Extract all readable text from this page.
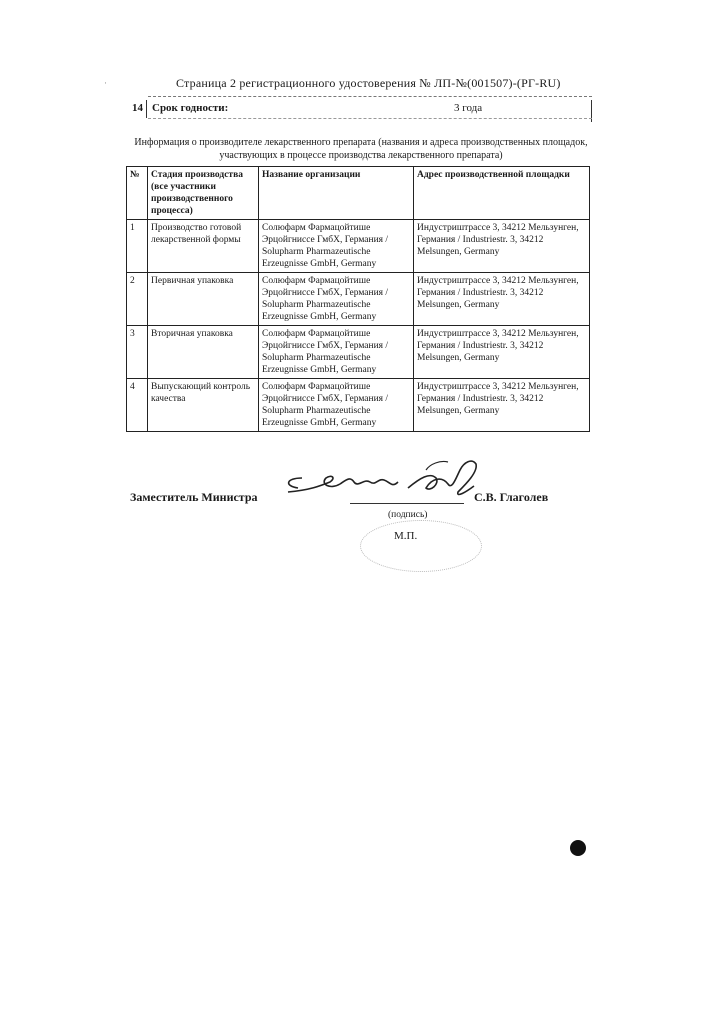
·	Страница 2 регистрационного удостоверения № ЛП-№(001507)-(РГ-RU)
14 Срок годности:	3 года
Информация о производителе лекарственного препарата (названия и адреса производственных площадок, участвующих в процессе производства лекарственного препарата)
№	Стадия производства (все участники производственного процесса)	Название организации	Адрес производственной площадки
1	Производство готовой лекарственной формы	Солюфарм Фармацойтише Эрцойгниссе ГмбХ, Германия / Solupharm Pharmazeutische Erzeugnisse GmbH, Germany	Индустриштрассе 3, 34212 Мельзунген, Германия / Industriestr. 3, 34212 Melsungen, Germany
2	Первичная упаковка	Солюфарм Фармацойтише Эрцойгниссе ГмбХ, Германия / Solupharm Pharmazeutische Erzeugnisse GmbH, Germany	Индустриштрассе 3, 34212 Мельзунген, Германия / Industriestr. 3, 34212 Melsungen, Germany
3	Вторичная упаковка	Солюфарм Фармацойтише Эрцойгниссе ГмбХ, Германия / Solupharm Pharmazeutische Erzeugnisse GmbH, Germany	Индустриштрассе 3, 34212 Мельзунген, Германия / Industriestr. 3, 34212 Melsungen, Germany
4	Выпускающий контроль качества	Солюфарм Фармацойтише Эрцойгниссе ГмбХ, Германия / Solupharm Pharmazeutische Erzeugnisse GmbH, Germany	Индустриштрассе 3, 34212 Мельзунген, Германия / Industriestr. 3, 34212 Melsungen, Germany
Заместитель Министра	С.В. Глаголев
(подпись)
М.П.
